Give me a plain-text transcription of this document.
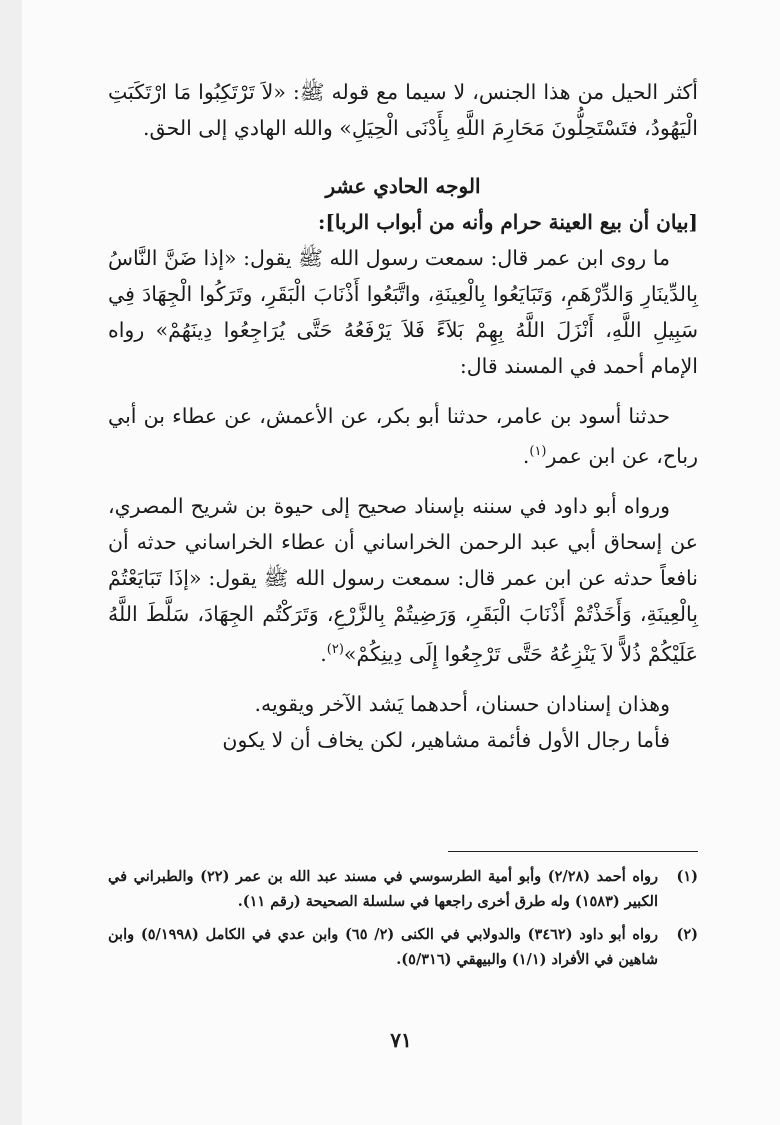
أكثر الحيل من هذا الجنس، لا سيما مع قوله ﷺ: «لاَ تَرْتَكِبُوا مَا ارْتَكَبَتِ الْيَهُودُ، فتَسْتَحِلُّونَ مَحَارِمَ اللَّهِ بِأَدْنَى الْحِيَلِ» والله الهادي إلى الحق.

الوجه الحادي عشر

[بيان أن بيع العينة حرام وأنه من أبواب الربا]:

ما روى ابن عمر قال: سمعت رسول الله ﷺ يقول: «إذا ضَنَّ النَّاسُ بِالدِّينَارِ وَالدِّرْهَمِ، وَتَبَايَعُوا بِالْعِينَةِ، واتَّبَعُوا أَذْنَابَ الْبَقَرِ، وتَرَكُوا الْجِهَادَ فِي سَبِيلِ اللَّهِ، أَنْزَلَ اللَّهُ بِهِمْ بَلاَءً فَلاَ يَرْفَعُهُ حَتَّى يُرَاجِعُوا دِينَهُمْ» رواه الإمام أحمد في المسند قال:

حدثنا أسود بن عامر، حدثنا أبو بكر، عن الأعمش، عن عطاء بن أبي رباح، عن ابن عمر$^{(١)}$.

ورواه أبو داود في سننه بإسناد صحيح إلى حيوة بن شريح المصري، عن إسحاق أبي عبد الرحمن الخراساني أن عطاء الخراساني حدثه أن نافعاً حدثه عن ابن عمر قال: سمعت رسول الله ﷺ يقول: «إذَا تَبَايَعْتُمْ بِالْعِينَةِ، وَأَخَذْتُمْ أَذْنَابَ الْبَقَرِ، وَرَضِيتُمْ بِالزَّرْعِ، وَتَرَكْتُم الجِهَادَ، سَلَّطَ اللَّهُ عَلَيْكُمْ ذُلاًّ لاَ يَنْزِعُهُ حَتَّى تَرْجِعُوا إِلَى دِينِكُمْ»$^{(٢)}$.

وهذان إسنادان حسنان، أحدهما يَشد الآخر ويقويه.

فأما رجال الأول فأئمة مشاهير، لكن يخاف أن لا يكون

(١)
رواه أحمد (٢/٢٨) وأبو أمية الطرسوسي في مسند عبد الله بن عمر (٢٢) والطبراني في الكبير (١٥٨٣) وله طرق أخرى راجعها في سلسلة الصحيحة (رقم ١١).
(٢)
رواه أبو داود (٣٤٦٢) والدولابي في الكنى (٢/ ٦٥) وابن عدي في الكامل (٥/١٩٩٨) وابن شاهين في الأفراد (١/١) والبيهقي (٥/٣١٦).
٧١
